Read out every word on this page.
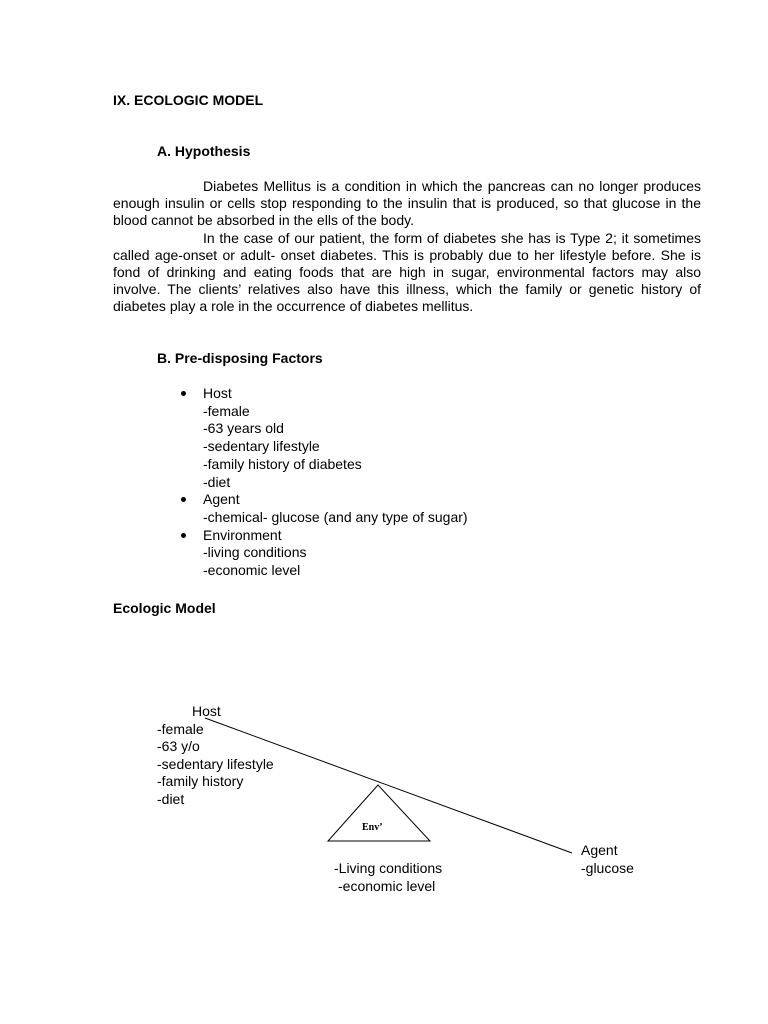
IX. ECOLOGIC MODEL
A. Hypothesis

Diabetes Mellitus is a condition in which the pancreas can no longer produces enough insulin or cells stop responding to the insulin that is produced, so that glucose in the blood cannot be absorbed in the ells of the body.

In the case of our patient, the form of diabetes she has is Type 2; it sometimes called age-onset or adult- onset diabetes. This is probably due to her lifestyle before. She is fond of drinking and eating foods that are high in sugar, environmental factors may also involve. The clients’ relatives also have this illness, which the family or genetic history of diabetes play a role in the occurrence of diabetes mellitus.

B. Pre-disposing Factors
Host
-female
-63 years old
-sedentary lifestyle
-family history of diabetes
-diet
Agent
-chemical- glucose (and any type of sugar)
Environment
-living conditions
-economic level
Ecologic Model
Env’
Host
-female
-63 y/o
-sedentary lifestyle
-family history
-diet
-Living conditions
-economic level
Agent
-glucose
